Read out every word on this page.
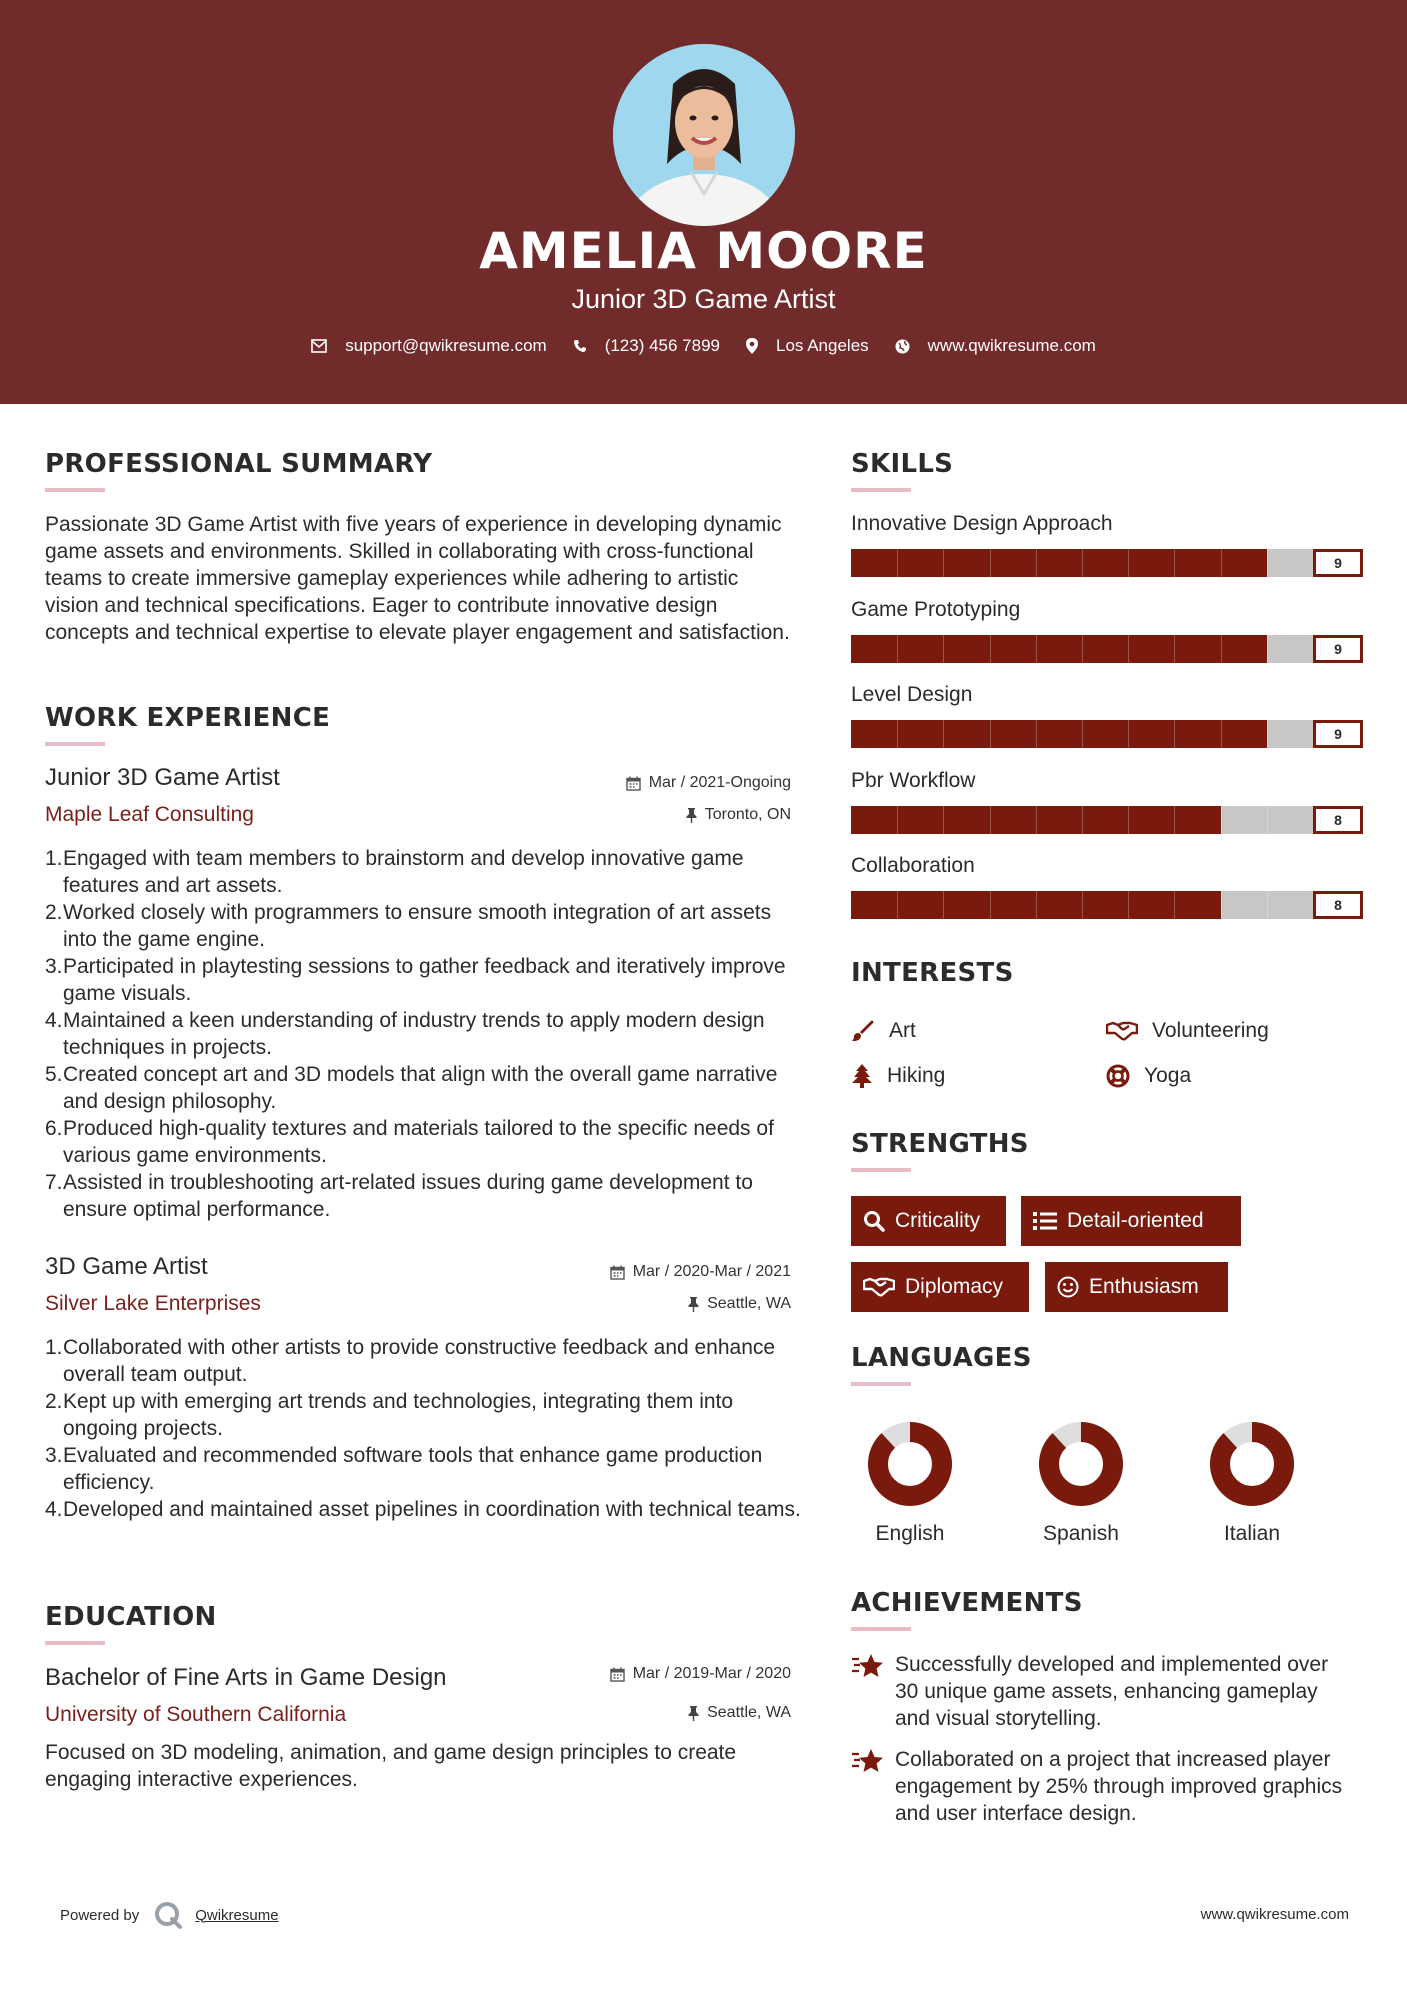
AMELIA MOORE
Junior 3D Game Artist
support@qwikresume.com	(123) 456 7899	Los Angeles	www.qwikresume.com
PROFESSIONAL SUMMARY
Passionate 3D Game Artist with five years of experience in developing dynamic game assets and environments. Skilled in collaborating with cross-functional teams to create immersive gameplay experiences while adhering to artistic vision and technical specifications. Eager to contribute innovative design concepts and technical expertise to elevate player engagement and satisfaction.
WORK EXPERIENCE
Junior 3D Game Artist
Maple Leaf Consulting
Mar / 2021-Ongoing
Toronto, ON
1. Engaged with team members to brainstorm and develop innovative game features and art assets.
2. Worked closely with programmers to ensure smooth integration of art assets into the game engine.
3. Participated in playtesting sessions to gather feedback and iteratively improve game visuals.
4. Maintained a keen understanding of industry trends to apply modern design techniques in projects.
5. Created concept art and 3D models that align with the overall game narrative and design philosophy.
6. Produced high-quality textures and materials tailored to the specific needs of various game environments.
7. Assisted in troubleshooting art-related issues during game development to ensure optimal performance.
3D Game Artist
Silver Lake Enterprises
Mar / 2020-Mar / 2021
Seattle, WA
1. Collaborated with other artists to provide constructive feedback and enhance overall team output.
2. Kept up with emerging art trends and technologies, integrating them into ongoing projects.
3. Evaluated and recommended software tools that enhance game production efficiency.
4. Developed and maintained asset pipelines in coordination with technical teams.
EDUCATION
Bachelor of Fine Arts in Game Design
University of Southern California
Mar / 2019-Mar / 2020
Seattle, WA
Focused on 3D modeling, animation, and game design principles to create engaging interactive experiences.
SKILLS
Innovative Design Approach
9
Game Prototyping
9
Level Design
9
Pbr Workflow
8
Collaboration
8
INTERESTS
Art	Volunteering
Hiking	Yoga
STRENGTHS
Criticality	Detail-oriented
Diplomacy	Enthusiasm
LANGUAGES
English	Spanish	Italian
ACHIEVEMENTS
Successfully developed and implemented over 30 unique game assets, enhancing gameplay and visual storytelling.
Collaborated on a project that increased player engagement by 25% through improved graphics and user interface design.
Powered by	Qwikresume	www.qwikresume.com
